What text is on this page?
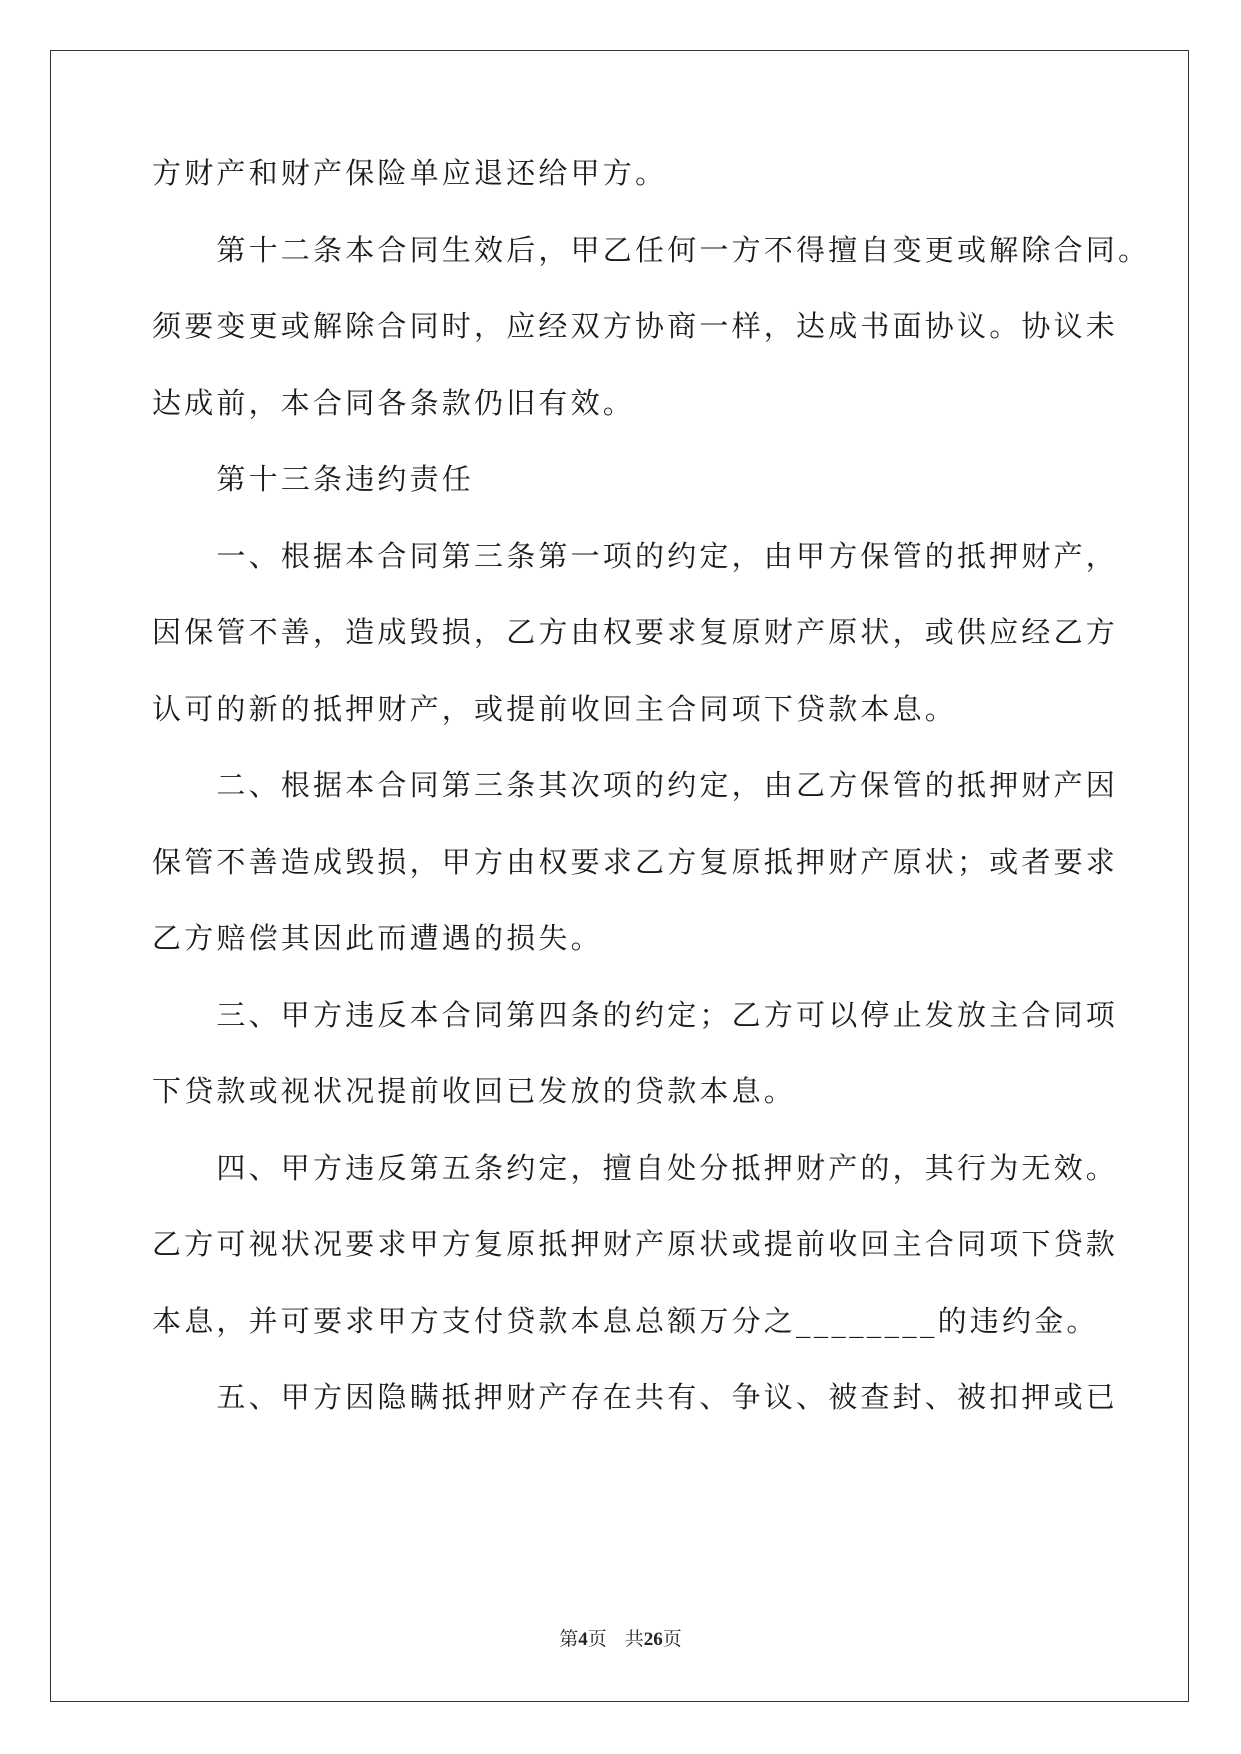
方财产和财产保险单应退还给甲方。
　　第十二条本合同生效后，甲乙任何一方不得擅自变更或解除合同。
须要变更或解除合同时，应经双方协商一样，达成书面协议。协议未
达成前，本合同各条款仍旧有效。
　　第十三条违约责任
　　一、根据本合同第三条第一项的约定，由甲方保管的抵押财产，
因保管不善，造成毁损，乙方由权要求复原财产原状，或供应经乙方
认可的新的抵押财产，或提前收回主合同项下贷款本息。
　　二、根据本合同第三条其次项的约定，由乙方保管的抵押财产因
保管不善造成毁损，甲方由权要求乙方复原抵押财产原状；或者要求
乙方赔偿其因此而遭遇的损失。
　　三、甲方违反本合同第四条的约定；乙方可以停止发放主合同项
下贷款或视状况提前收回已发放的贷款本息。
　　四、甲方违反第五条约定，擅自处分抵押财产的，其行为无效。
乙方可视状况要求甲方复原抵押财产原状或提前收回主合同项下贷款
本息，并可要求甲方支付贷款本息总额万分之________的违约金。
　　五、甲方因隐瞒抵押财产存在共有、争议、被查封、被扣押或已
第4页 共26页
